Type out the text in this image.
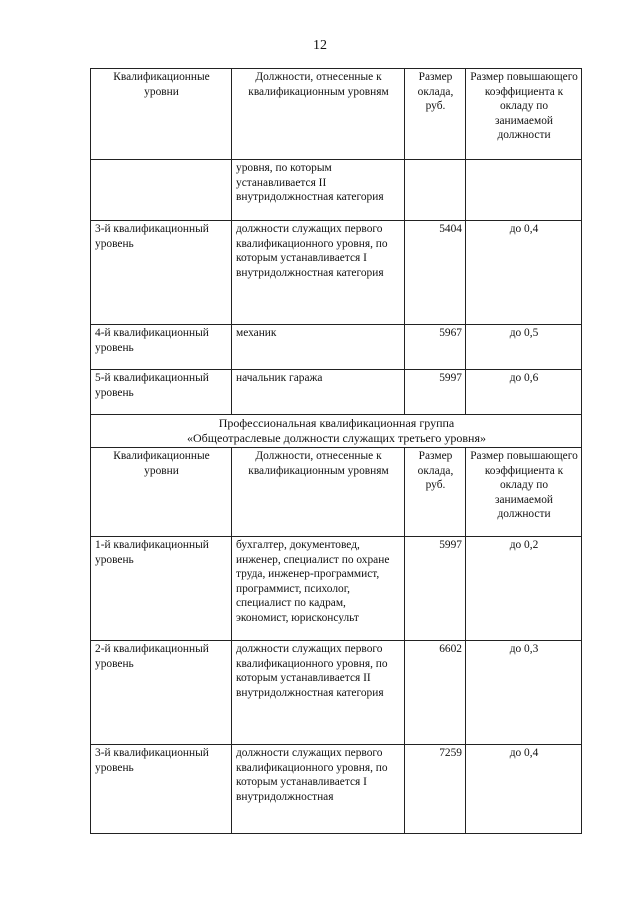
12
Квалификационные уровни	Должности, отнесенные к квалификационным уровням	Размер оклада, руб.	Размер повышающего коэффициента к окладу по занимаемой должности
	уровня, по которым устанавливается II внутридолжностная категория		
3-й квалификационный уровень	должности служащих первого квалификационного уровня, по которым устанавливается I внутридолжностная категория	5404	до 0,4
4-й квалификационный уровень	механик	5967	до 0,5
5-й квалификационный уровень	начальник гаража	5997	до 0,6

Профессиональная квалификационная группа
«Общеотраслевые должности служащих третьего уровня»			

Квалификационные уровни	Должности, отнесенные к квалификационным уровням	Размер оклада, руб.	Размер повышающего коэффициента к окладу по занимаемой должности
1-й квалификационный уровень	бухгалтер, документовед, инженер, специалист по охране труда, инженер-программист, программист, психолог, специалист по кадрам, экономист, юрисконсульт	5997	до 0,2
2-й квалификационный уровень	должности служащих первого квалификационного уровня, по которым устанавливается II внутридолжностная категория	6602	до 0,3
3-й квалификационный уровень	должности служащих первого квалификационного уровня, по которым устанавливается I внутридолжностная	7259	до 0,4
